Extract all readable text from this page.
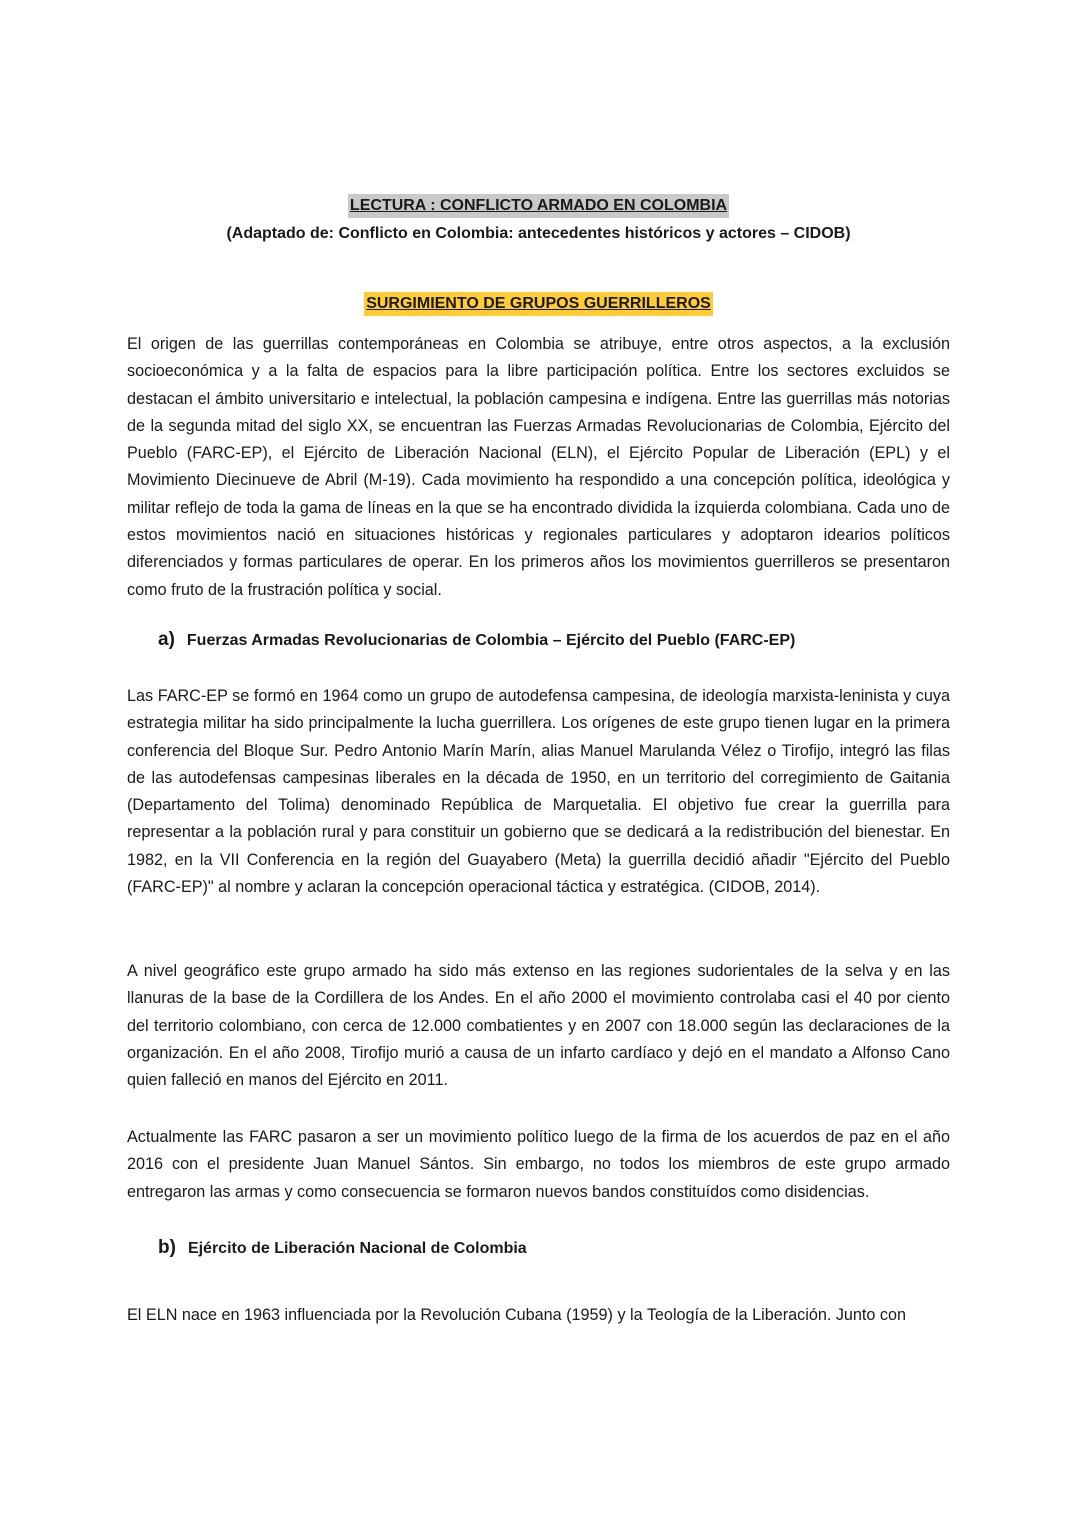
LECTURA : CONFLICTO ARMADO EN COLOMBIA
(Adaptado de: Conflicto en Colombia: antecedentes históricos y actores – CIDOB)
SURGIMIENTO DE GRUPOS GUERRILLEROS

El origen de las guerrillas contemporáneas en Colombia se atribuye, entre otros aspectos, a la exclusión socioeconómica y a la falta de espacios para la libre participación política. Entre los sectores excluidos se destacan el ámbito universitario e intelectual, la población campesina e indígena. Entre las guerrillas más notorias de la segunda mitad del siglo XX, se encuentran las Fuerzas Armadas Revolucionarias de Colombia, Ejército del Pueblo (FARC-EP), el Ejército de Liberación Nacional (ELN), el Ejército Popular de Liberación (EPL) y el Movimiento Diecinueve de Abril (M-19). Cada movimiento ha respondido a una concepción política, ideológica y militar reflejo de toda la gama de líneas en la que se ha encontrado dividida la izquierda colombiana. Cada uno de estos movimientos nació en situaciones históricas y regionales particulares y adoptaron idearios políticos diferenciados y formas particulares de operar. En los primeros años los movimientos guerrilleros se presentaron como fruto de la frustración política y social.

a) Fuerzas Armadas Revolucionarias de Colombia – Ejército del Pueblo (FARC-EP)

Las FARC-EP se formó en 1964 como un grupo de autodefensa campesina, de ideología marxista-leninista y cuya estrategia militar ha sido principalmente la lucha guerrillera. Los orígenes de este grupo tienen lugar en la primera conferencia del Bloque Sur. Pedro Antonio Marín Marín, alias Manuel Marulanda Vélez o Tirofijo, integró las filas de las autodefensas campesinas liberales en la década de 1950, en un territorio del corregimiento de Gaitania (Departamento del Tolima) denominado República de Marquetalia. El objetivo fue crear la guerrilla para representar a la población rural y para constituir un gobierno que se dedicará a la redistribución del bienestar. En 1982, en la VII Conferencia en la región del Guayabero (Meta) la guerrilla decidió añadir "Ejército del Pueblo (FARC-EP)" al nombre y aclaran la concepción operacional táctica y estratégica. (CIDOB, 2014).

A nivel geográfico este grupo armado ha sido más extenso en las regiones sudorientales de la selva y en las llanuras de la base de la Cordillera de los Andes. En el año 2000 el movimiento controlaba casi el 40 por ciento del territorio colombiano, con cerca de 12.000 combatientes y en 2007 con 18.000 según las declaraciones de la organización. En el año 2008, Tirofijo murió a causa de un infarto cardíaco y dejó en el mandato a Alfonso Cano quien falleció en manos del Ejército en 2011.

Actualmente las FARC pasaron a ser un movimiento político luego de la firma de los acuerdos de paz en el año 2016 con el presidente Juan Manuel Sántos. Sin embargo, no todos los miembros de este grupo armado entregaron las armas y como consecuencia se formaron nuevos bandos constituídos como disidencias.

b) Ejército de Liberación Nacional de Colombia

El ELN nace en 1963 influenciada por la Revolución Cubana (1959) y la Teología de la Liberación. Junto con
